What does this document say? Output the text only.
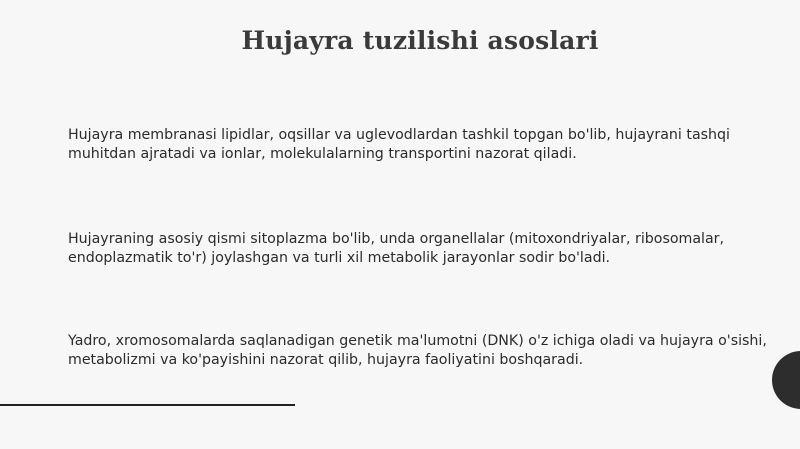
Hujayra tuzilishi asoslari

Hujayra membranasi lipidlar, oqsillar va uglevodlardan tashkil topgan bo'lib, hujayrani tashqi muhitdan ajratadi va ionlar, molekulalarning transportini nazorat qiladi.

Hujayraning asosiy qismi sitoplazma bo'lib, unda organellalar (mitoxondriyalar, ribosomalar, endoplazmatik to'r) joylashgan va turli xil metabolik jarayonlar sodir bo'ladi.

Yadro, xromosomalarda saqlanadigan genetik ma'lumotni (DNK) o'z ichiga oladi va hujayra o'sishi, metabolizmi va ko'payishini nazorat qilib, hujayra faoliyatini boshqaradi.
